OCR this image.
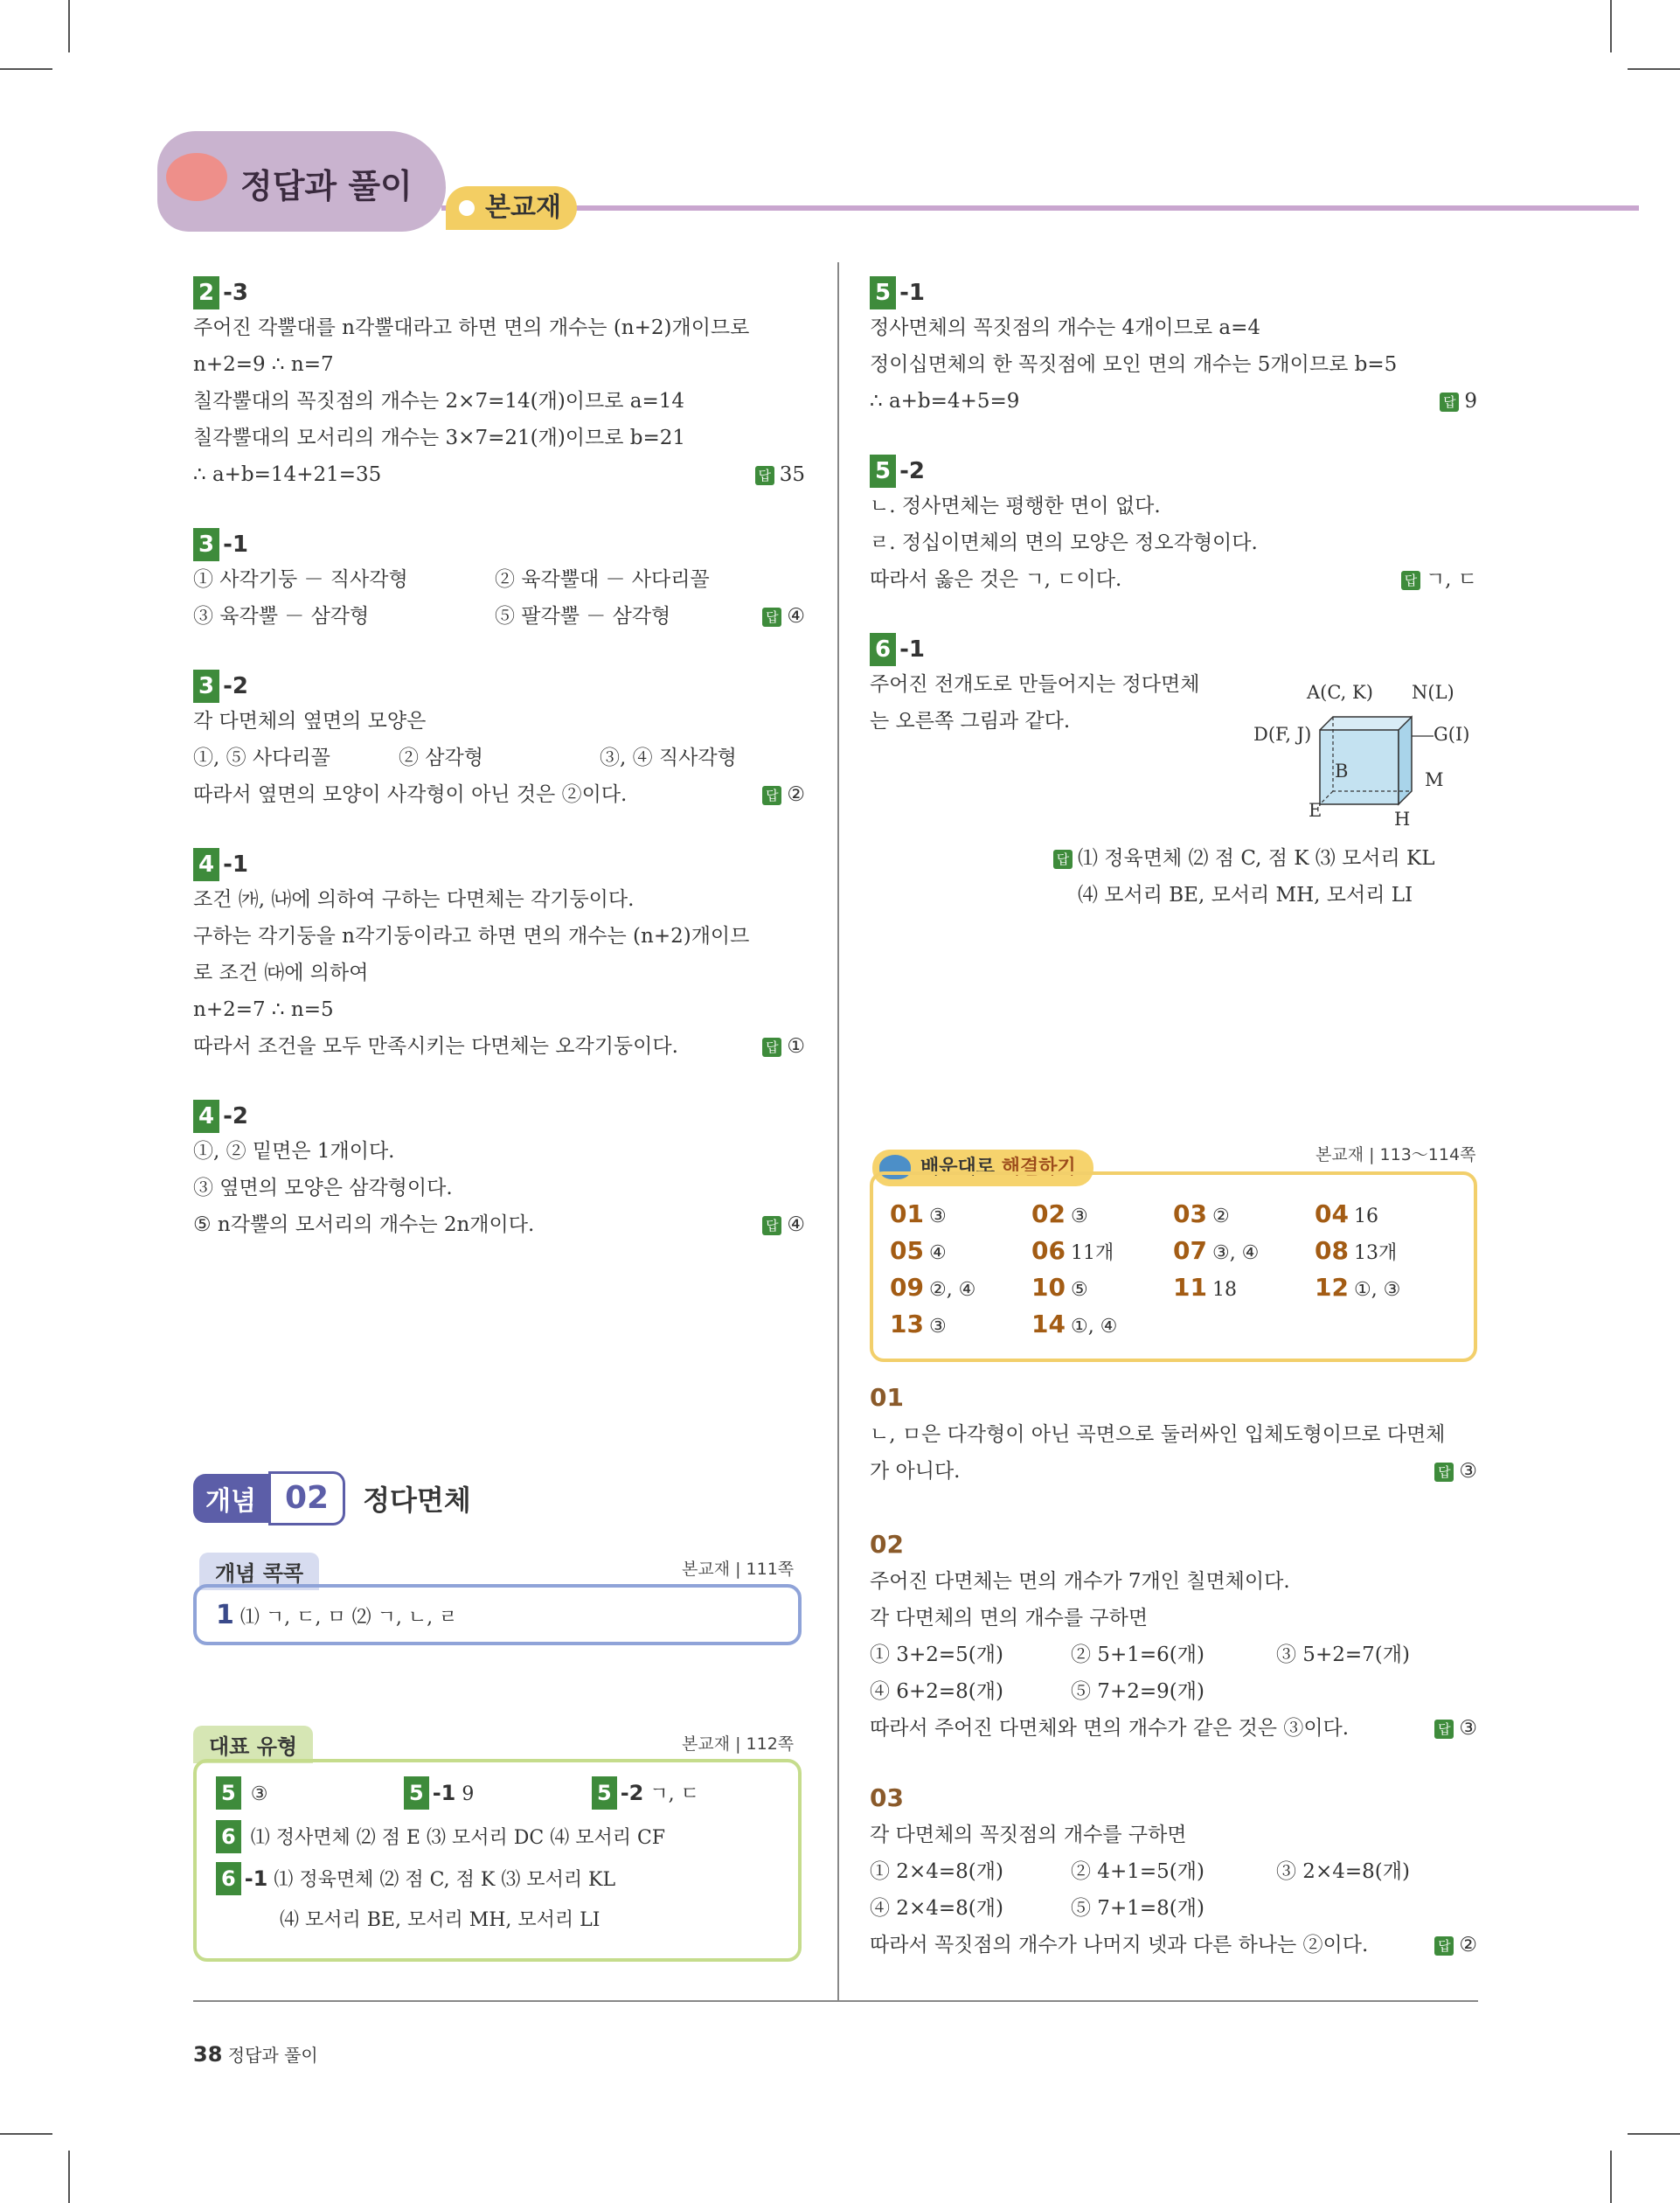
정답과 풀이
본교재
2 -3
주어진 각뿔대를 n각뿔대라고 하면 면의 개수는 (n+2)개이므로
n+2=9 ∴ n=7
칠각뿔대의 꼭짓점의 개수는 2×7=14(개)이므로 a=14
칠각뿔대의 모서리의 개수는 3×7=21(개)이므로 b=21
∴ a+b=14+21=35	답 35
3 -1
① 사각기둥 － 직사각형	② 육각뿔대 － 사다리꼴
③ 육각뿔 － 삼각형	⑤ 팔각뿔 － 삼각형	답 ④
3 -2
각 다면체의 옆면의 모양은
①, ⑤ 사다리꼴	② 삼각형	③, ④ 직사각형
따라서 옆면의 모양이 사각형이 아닌 것은 ②이다.	답 ②
4 -1
조건 ㈎, ㈏에 의하여 구하는 다면체는 각기둥이다.
구하는 각기둥을 n각기둥이라고 하면 면의 개수는 (n+2)개이므
로 조건 ㈐에 의하여
n+2=7 ∴ n=5
따라서 조건을 모두 만족시키는 다면체는 오각기둥이다.	답 ①
4 -2
①, ② 밑면은 1개이다.
③ 옆면의 모양은 삼각형이다.
⑤ n각뿔의 모서리의 개수는 2n개이다.	답 ④
개념 02	정다면체
개념 콕콕	본교재 | 111쪽
1 ⑴ ㄱ, ㄷ, ㅁ ⑵ ㄱ, ㄴ, ㄹ
대표 유형	본교재 | 112쪽
5 ③	5 -1 9	5 -2 ㄱ, ㄷ
6 ⑴ 정사면체 ⑵ 점 E ⑶ 모서리 DC ⑷ 모서리 CF
6 -1 ⑴ 정육면체 ⑵ 점 C, 점 K ⑶ 모서리 KL
⑷ 모서리 BE, 모서리 MH, 모서리 LI
5 -1
정사면체의 꼭짓점의 개수는 4개이므로 a=4
정이십면체의 한 꼭짓점에 모인 면의 개수는 5개이므로 b=5
∴ a+b=4+5=9	답 9
5 -2
ㄴ. 정사면체는 평행한 면이 없다.
ㄹ. 정십이면체의 면의 모양은 정오각형이다.
따라서 옳은 것은 ㄱ, ㄷ이다.	답 ㄱ, ㄷ
6 -1
주어진 전개도로 만들어지는 정다면체
는 오른쪽 그림과 같다.
A(C, K) N(L)
D(F, J)	G(I)
B	M
E	H
답 ⑴ 정육면체 ⑵ 점 C, 점 K ⑶ 모서리 KL
⑷ 모서리 BE, 모서리 MH, 모서리 LI
배운대로 해결하기
본교재 | 113～114쪽
01 ③	02 ③	03 ②	04 16
05 ④	06 11개 07 ③, ④ 08 13개
09 ②, ④ 10 ⑤	11 18	12 ①, ③
13 ③	14 ①, ④
01
ㄴ, ㅁ은 다각형이 아닌 곡면으로 둘러싸인 입체도형이므로 다면체
가 아니다.	답 ③
02
주어진 다면체는 면의 개수가 7개인 칠면체이다.
각 다면체의 면의 개수를 구하면
① 3+2=5(개)	② 5+1=6(개)	③ 5+2=7(개)
④ 6+2=8(개)	⑤ 7+2=9(개)
따라서 주어진 다면체와 면의 개수가 같은 것은 ③이다.	답 ③
03
각 다면체의 꼭짓점의 개수를 구하면
① 2×4=8(개)	② 4+1=5(개)	③ 2×4=8(개)
④ 2×4=8(개)	⑤ 7+1=8(개)
따라서 꼭짓점의 개수가 나머지 넷과 다른 하나는 ②이다.	답 ②
38 정답과 풀이
